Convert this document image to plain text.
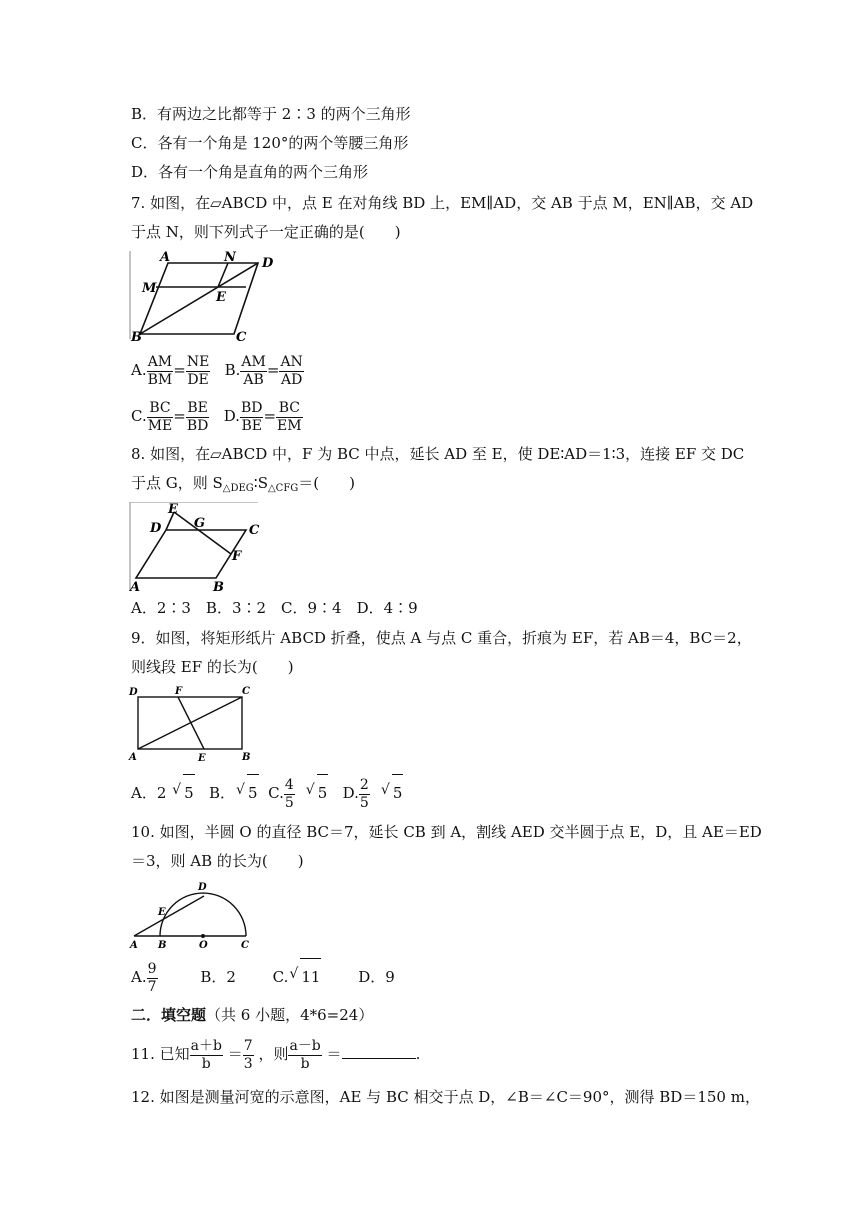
B．有两边之比都等于 2∶3 的两个三角形
C．各有一个角是 120°的两个等腰三角形
D．各有一个角是直角的两个三角形
7. 如图，在▱ABCD 中，点 E 在对角线 BD 上，EM∥AD，交 AB 于点 M，EN∥AB，交 AD
于点 N，则下列式子一定正确的是(　　)
A	N D
M
E
B	C
A. $\frac{AM}{BM} = \frac{NE}{DE} B$. $\frac{AM}{AB} = \frac{AN}{AD}$
C. $\frac{BC}{ME} = \frac{BE}{BD} D$. $\frac{BD}{BE} = \frac{BC}{EM}$
8. 如图，在▱ABCD 中，F 为 BC 中点，延长 AD 至 E，使 DE∶AD＝1∶3，连接 EF 交 DC
于点 G，则 $S_{\triangle DEG}∶S_{\triangle CFG}=$(　　)
E
G
D	C
F
A	B
A．2∶3　B．3∶2　C．9∶4　D．4∶9
9．如图，将矩形纸片 ABCD 折叠，使点 A 与点 C 重合，折痕为 EF，若 AB＝4，BC＝2，
则线段 EF 的长为(　　)
D	F	C
A	E	B
A．2 √ 5 B． √ 5 C. $\frac{4}{5}$ √ 5 D. $\frac{2}{5}$ √ 5
10. 如图，半圆 O 的直径 BC＝7，延长 CB 到 A，割线 AED 交半圆于点 E，D，且 AE＝ED
＝3，则 AB 的长为(　　)
D
E
A B	O	C
A. $\frac{9}{7}$	B．2 C. √ 11	D．9
二．填空题（共 6 小题，4*6=24）
11. 已知 $\frac{a+b}{b} = \frac{7}{3}$ ，则 $\frac{a-b}{b}$ ＝	.
12. 如图是测量河宽的示意图，AE 与 BC 相交于点 D，∠B＝∠C＝90°，测得 BD＝150 m，
